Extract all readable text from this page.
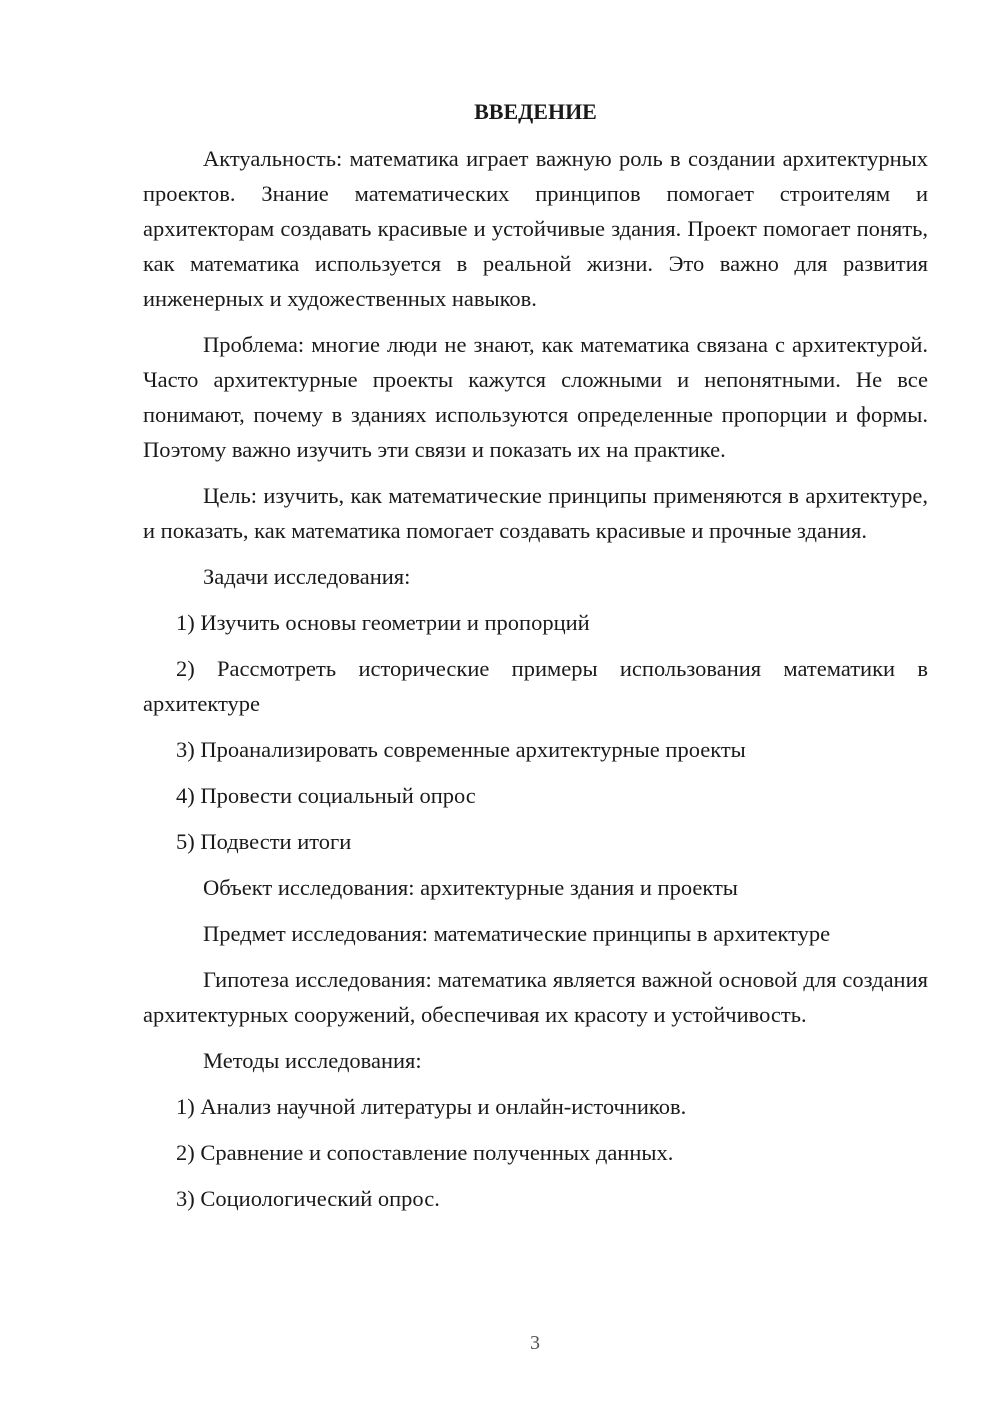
ВВЕДЕНИЕ

Актуальность: математика играет важную роль в создании архитектурных проектов. Знание математических принципов помогает строителям и архитекторам создавать красивые и устойчивые здания. Проект помогает понять, как математика используется в реальной жизни. Это важно для развития инженерных и художественных навыков.

Проблема: многие люди не знают, как математика связана с архитектурой. Часто архитектурные проекты кажутся сложными и непонятными. Не все понимают, почему в зданиях используются определенные пропорции и формы. Поэтому важно изучить эти связи и показать их на практике.

Цель: изучить, как математические принципы применяются в архитектуре, и показать, как математика помогает создавать красивые и прочные здания.

Задачи исследования:

1) Изучить основы геометрии и пропорций

2) Рассмотреть исторические примеры использования математики в архитектуре

3) Проанализировать современные архитектурные проекты

4) Провести социальный опрос

5) Подвести итоги

Объект исследования: архитектурные здания и проекты

Предмет исследования: математические принципы в архитектуре

Гипотеза исследования: математика является важной основой для создания архитектурных сооружений, обеспечивая их красоту и устойчивость.

Методы исследования:

1) Анализ научной литературы и онлайн-источников.

2) Сравнение и сопоставление полученных данных.

3) Социологический опрос.

3
